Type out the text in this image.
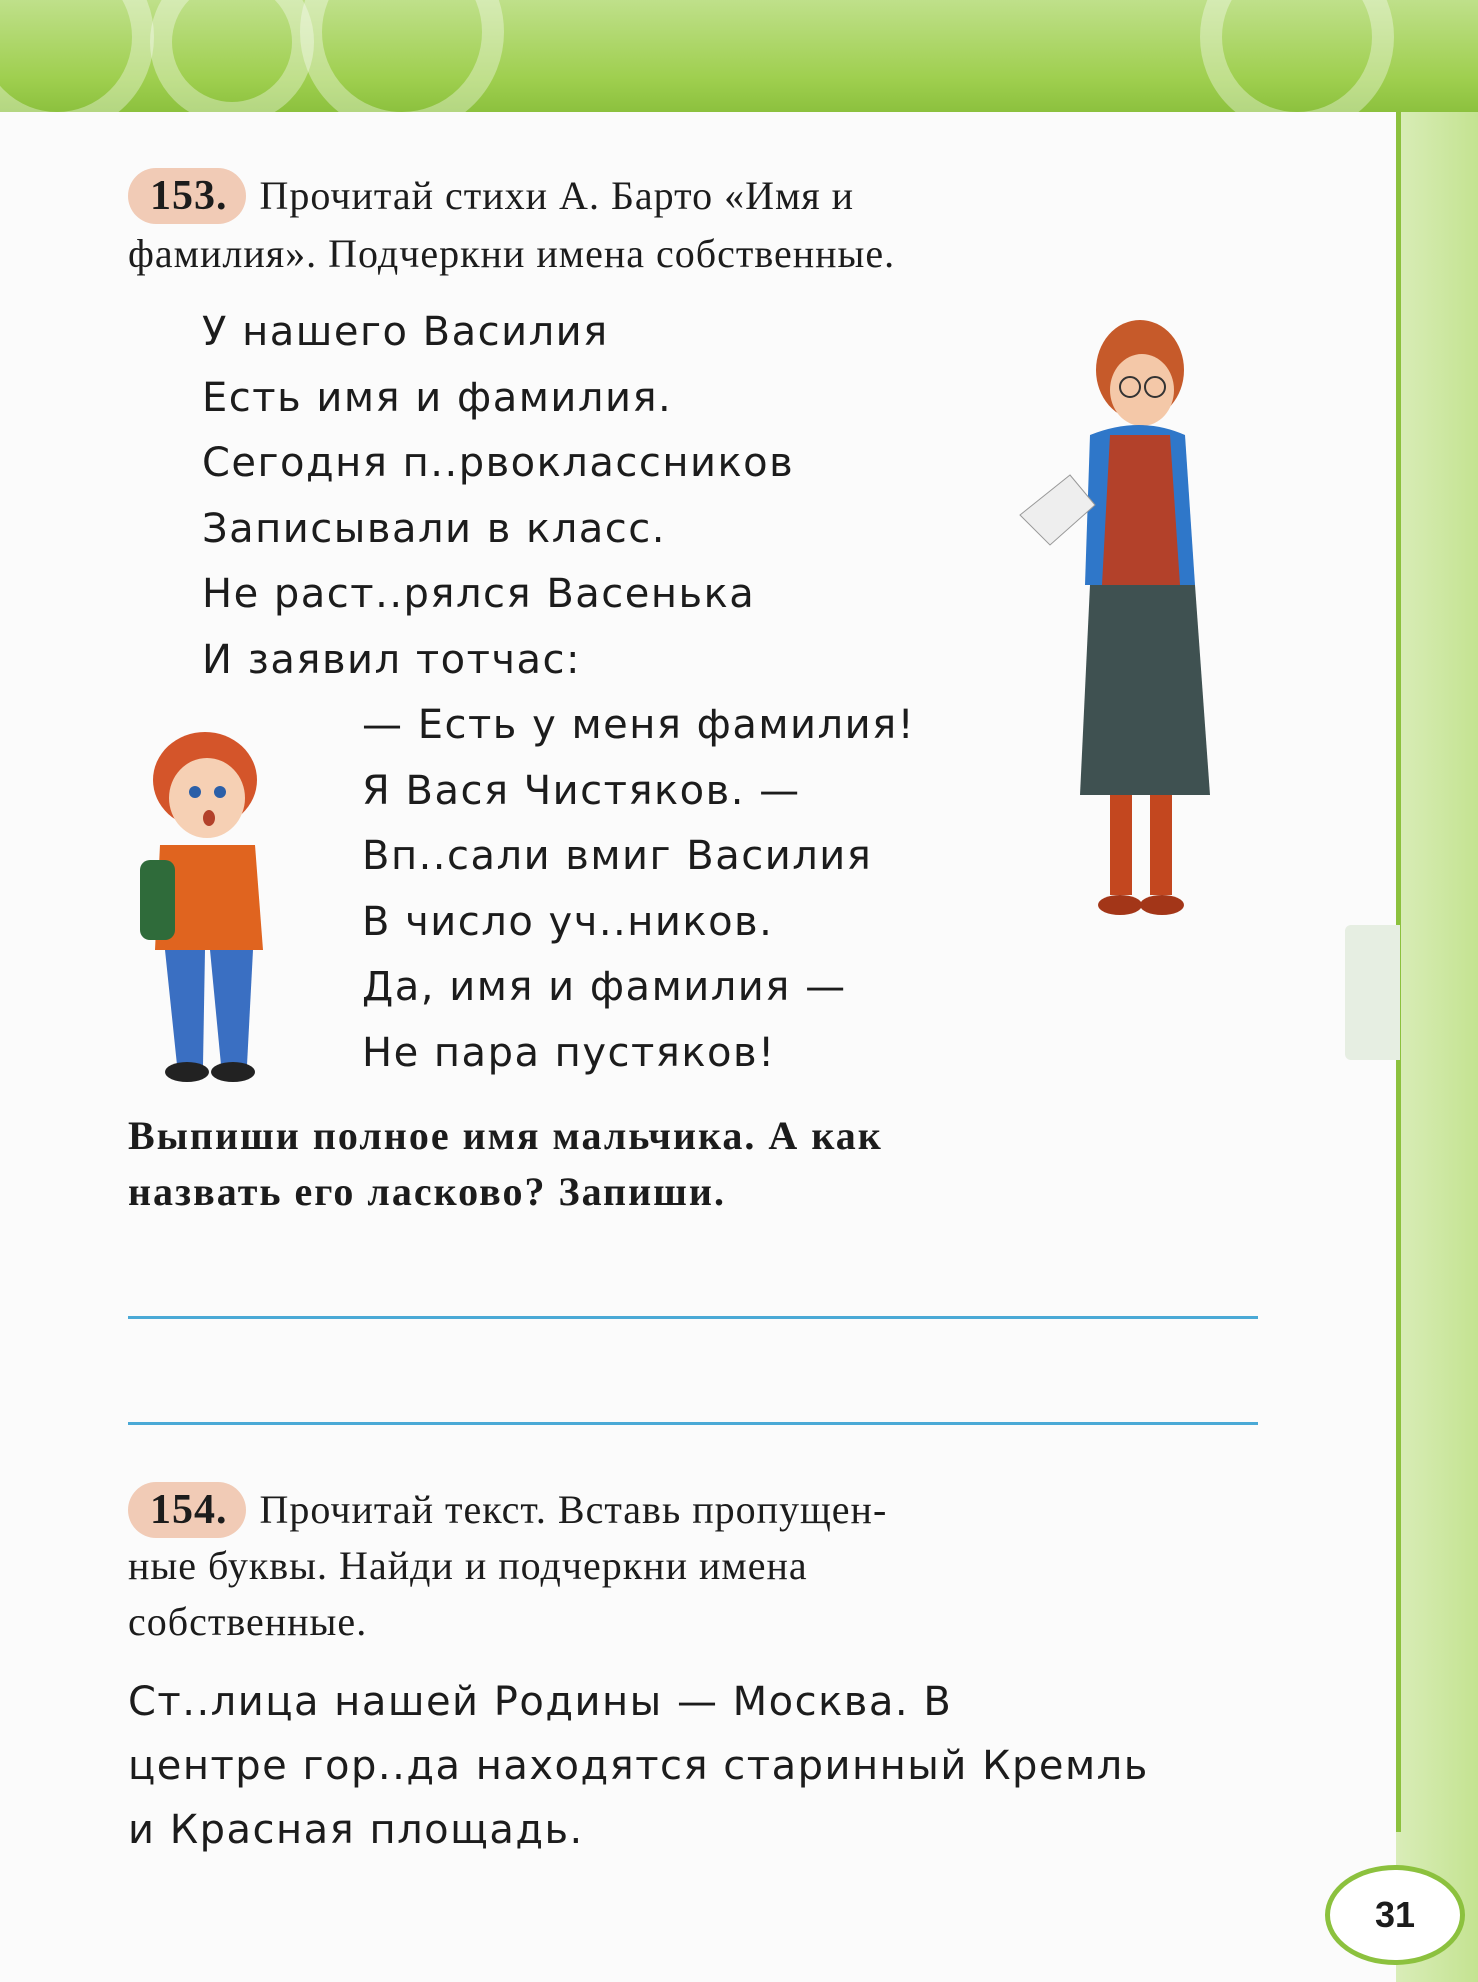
153. Прочитай стихи А. Барто «Имя и
фамилия». Подчеркни имена собственные.
У нашего Василия
Есть имя и фамилия.
Сегодня п..рвоклассников
Записывали в класс.
Не раст..рялся Васенька
И заявил тотчас:
— Есть у меня фамилия!
Я Вася Чистяков. —
Вп..сали вмиг Василия
В число уч..ников.
Да, имя и фамилия —
Не пара пустяков!
Выпиши полное имя мальчика. А как
назвать его ласково? Запиши.
154. Прочитай текст. Вставь пропущен-
ные буквы. Найди и подчеркни имена
собственные.
Ст..лица нашей Родины — Москва. В
центре гор..да находятся старинный Кремль
и Красная площадь.
31
